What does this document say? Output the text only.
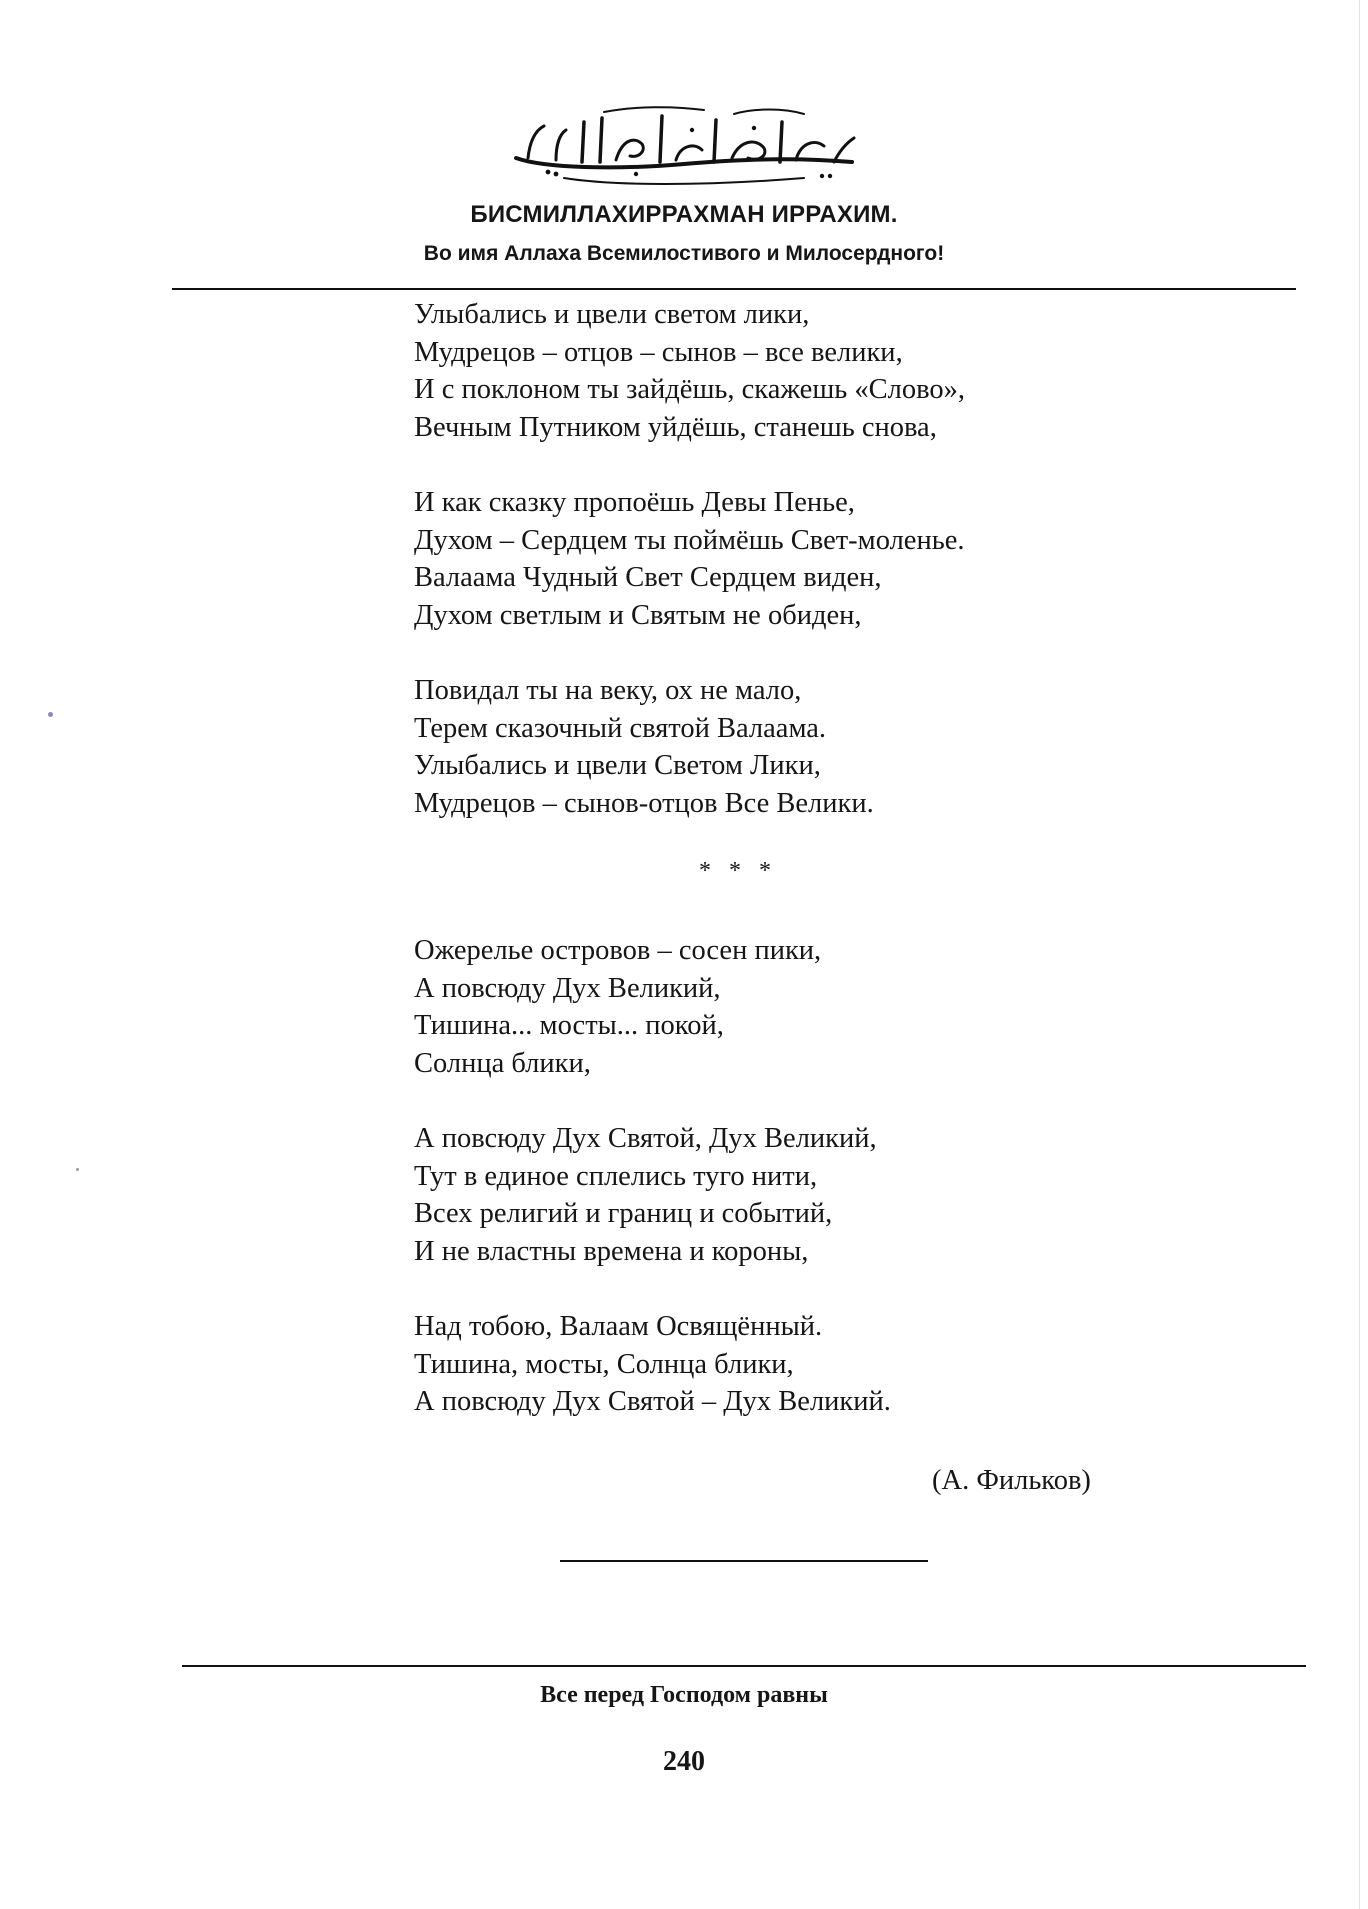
БИСМИЛЛАХИРРАХМАН ИРРАХИМ.
Во имя Аллаха Всемилостивого и Милосердного!
Улыбались и цвели светом лики,
Мудрецов – отцов – сынов – все велики,
И с поклоном ты зайдёшь, скажешь «Слово»,
Вечным Путником уйдёшь, станешь снова,
И как сказку пропоёшь Девы Пенье,
Духом – Сердцем ты поймёшь Свет-моленье.
Валаама Чудный Свет Сердцем виден,
Духом светлым и Святым не обиден,
Повидал ты на веку, ох не мало,
Терем сказочный святой Валаама.
Улыбались и цвели Светом Лики,
Мудрецов – сынов-отцов Все Велики.
* * *
Ожерелье островов – сосен пики,
А повсюду Дух Великий,
Тишина... мосты... покой,
Солнца блики,
А повсюду Дух Святой, Дух Великий,
Тут в единое сплелись туго нити,
Всех религий и границ и событий,
И не властны времена и короны,
Над тобою, Валаам Освящённый.
Тишина, мосты, Солнца блики,
А повсюду Дух Святой – Дух Великий.
(А. Фильков)
Все перед Господом равны
240
